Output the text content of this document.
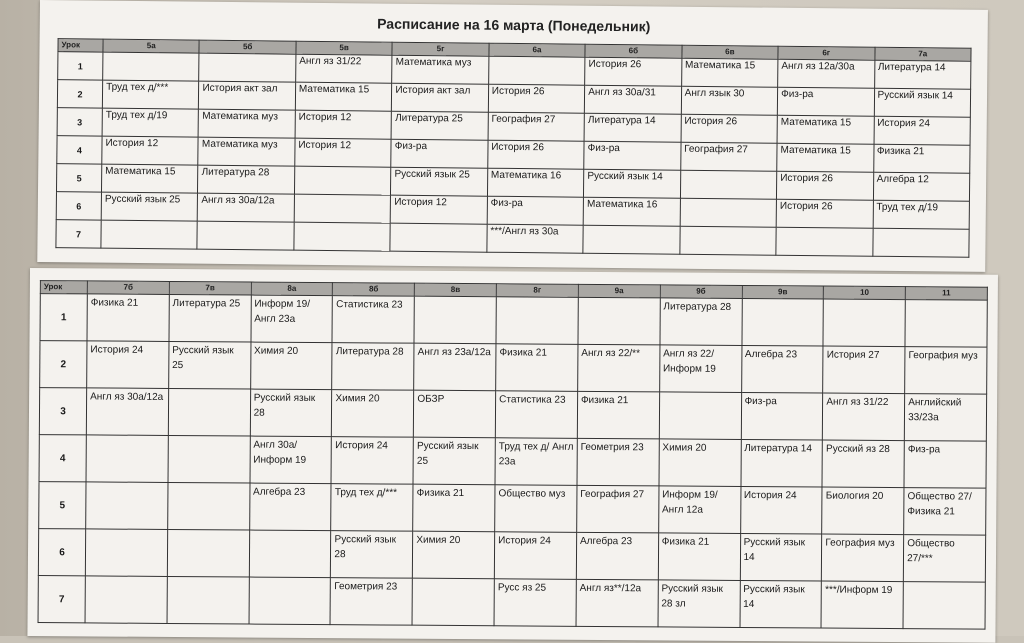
Расписание на 16 марта (Понедельник)
Урок	5а	5б	5в	5г	6а	6б	6в	6г	7а
1			Англ яз 31/22	Математика муз		История 26	Математика 15	Англ яз 12а/30а	Литература 14
2	Труд тех д/***	История акт зал	Математика 15	История акт зал	История 26	Англ яз 30а/31	Англ язык 30	Физ-ра	Русский язык 14
3	Труд тех д/19	Математика муз	История 12	Литература 25	География 27	Литература 14	История 26	Математика 15	История 24
4	История 12	Математика муз	История 12	Физ-ра	История 26	Физ-ра	География 27	Математика 15	Физика 21
5	Математика 15	Литература 28		Русский язык 25	Математика 16	Русский язык 14		История 26	Алгебра 12
6	Русский язык 25	Англ яз 30а/12а		История 12	Физ-ра	Математика 16		История 26	Труд тех д/19
7					***/Англ яз 30а				
Урок	7б	7в	8а	8б	8в	8г	9а	9б	9в	10	11
1	Физика 21	Литература 25	Информ 19/ Англ 23а	Статистика 23				Литература 28			
2	История 24	Русский язык 25	Химия 20	Литература 28	Англ яз 23а/12а	Физика 21	Англ яз 22/**	Англ яз 22/ Информ 19	Алгебра 23	История 27	География муз
3	Англ яз 30а/12а		Русский язык 28	Химия 20	ОБЗР	Статистика 23	Физика 21		Физ-ра	Англ яз 31/22	Английский 33/23а
4			Англ 30а/ Информ 19	История 24	Русский язык 25	Труд тех д/ Англ 23а	Геометрия 23	Химия 20	Литература 14	Русский яз 28	Физ-ра
5			Алгебра 23	Труд тех д/***	Физика 21	Общество муз	География 27	Информ 19/ Англ 12а	История 24	Биология 20	Общество 27/ Физика 21
6				Русский язык 28	Химия 20	История 24	Алгебра 23	Физика 21	Русский язык 14	География муз	Общество 27/***
7				Геометрия 23		Русс яз 25	Англ яз**/12а	Русский язык 28 зл	Русский язык 14	***/Информ 19	
